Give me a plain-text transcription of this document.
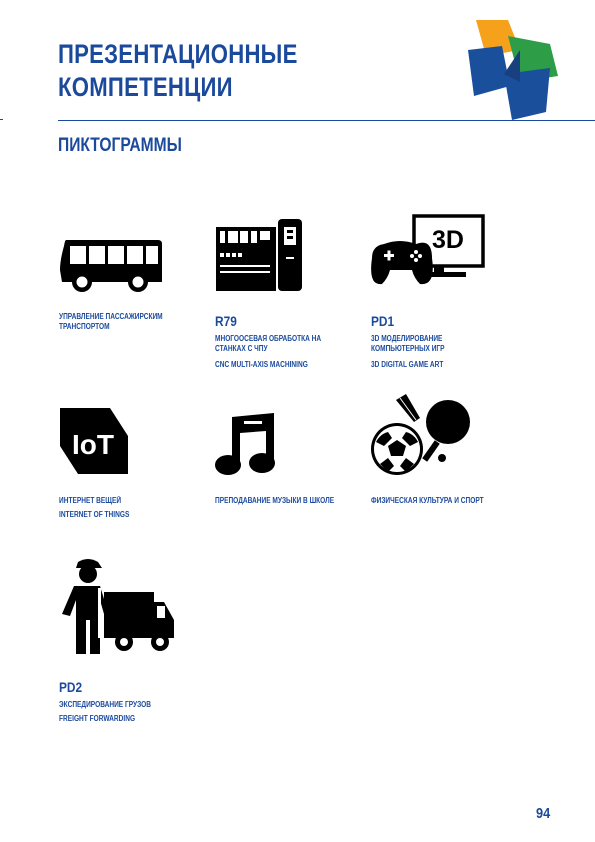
ПРЕЗЕНТАЦИОННЫЕ
КОМПЕТЕНЦИИ
ПИКТОГРАММЫ
УПРАВЛЕНИЕ ПАССАЖИРСКИМ ТРАНСПОРТОМ	R79
МНОГООСЕВАЯ ОБРАБОТКА НА СТАНКАХ С ЧПУ
CNC MULTI-AXIS MACHINING
3D
PD1
3D МОДЕЛИРОВАНИЕ КОМПЬЮТЕРНЫХ ИГР
3D DIGITAL GAME ART
IoT
ИНТЕРНЕТ ВЕЩЕЙ
INTERNET OF THINGS
ПРЕПОДАВАНИЕ МУЗЫКИ В ШКОЛЕ	ФИЗИЧЕСКАЯ КУЛЬТУРА И СПОРТ
PD2
ЭКСПЕДИРОВАНИЕ ГРУЗОВ
FREIGHT FORWARDING
94
